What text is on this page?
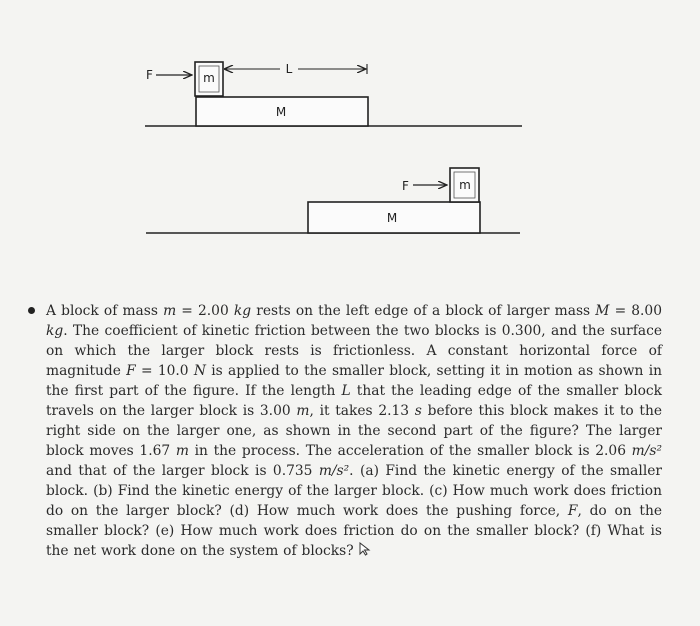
M
m
F	L
M
m
F
A block of mass m = 2.00 kg rests on the left edge of a block of larger mass M = 8.00 kg. The coefficient of kinetic friction between the two blocks is 0.300, and the surface on which the larger block rests is frictionless. A constant horizontal force of magnitude F = 10.0 N is applied to the smaller block, setting it in motion as shown in the first part of the figure. If the length L that the leading edge of the smaller block travels on the larger block is 3.00 m, it takes 2.13 s before this block makes it to the right side on the larger one, as shown in the second part of the figure? The larger block moves 1.67 m in the process. The acceleration of the smaller block is 2.06 m/s² and that of the larger block is 0.735 m/s². (a) Find the kinetic energy of the smaller block. (b) Find the kinetic energy of the larger block. (c) How much work does friction do on the larger block? (d) How much work does the pushing force, F, do on the smaller block? (e) How much work does friction do on the smaller block? (f) What is the net work done on the system of blocks?
